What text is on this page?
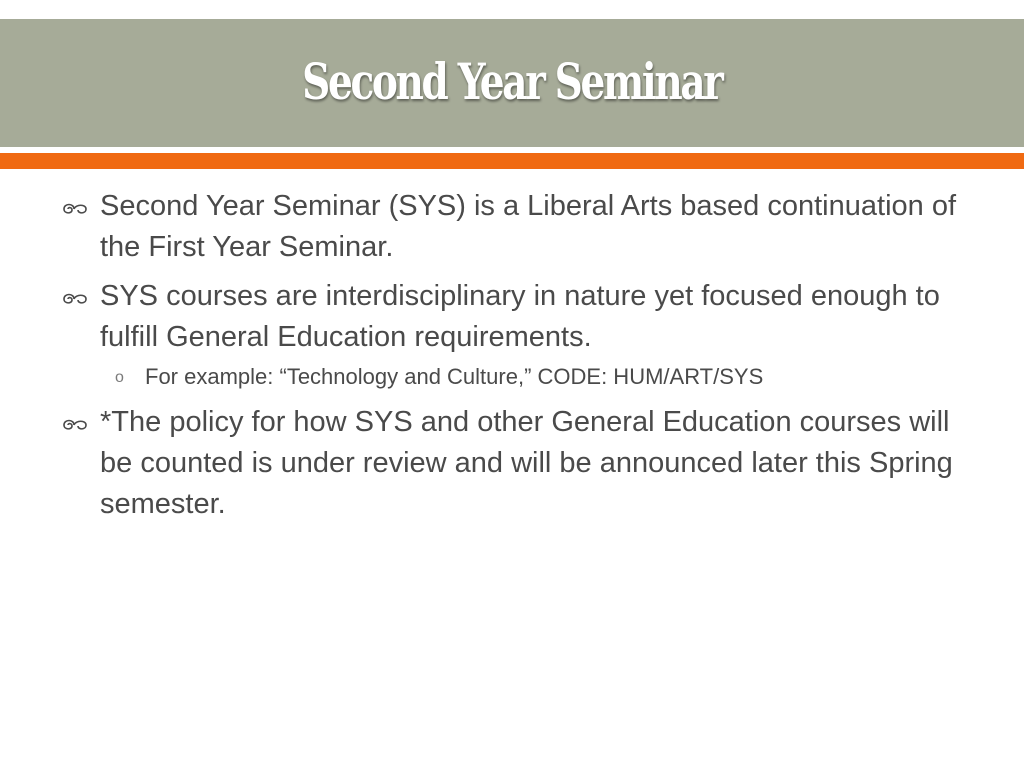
Second Year Seminar
Second Year Seminar (SYS) is a Liberal Arts based continuation of the First Year Seminar.
SYS courses are interdisciplinary in nature yet focused enough to fulfill General Education requirements.
o For example: “Technology and Culture,” CODE: HUM/ART/SYS
*The policy for how SYS and other General Education courses will be counted is under review and will be announced later this Spring semester.
